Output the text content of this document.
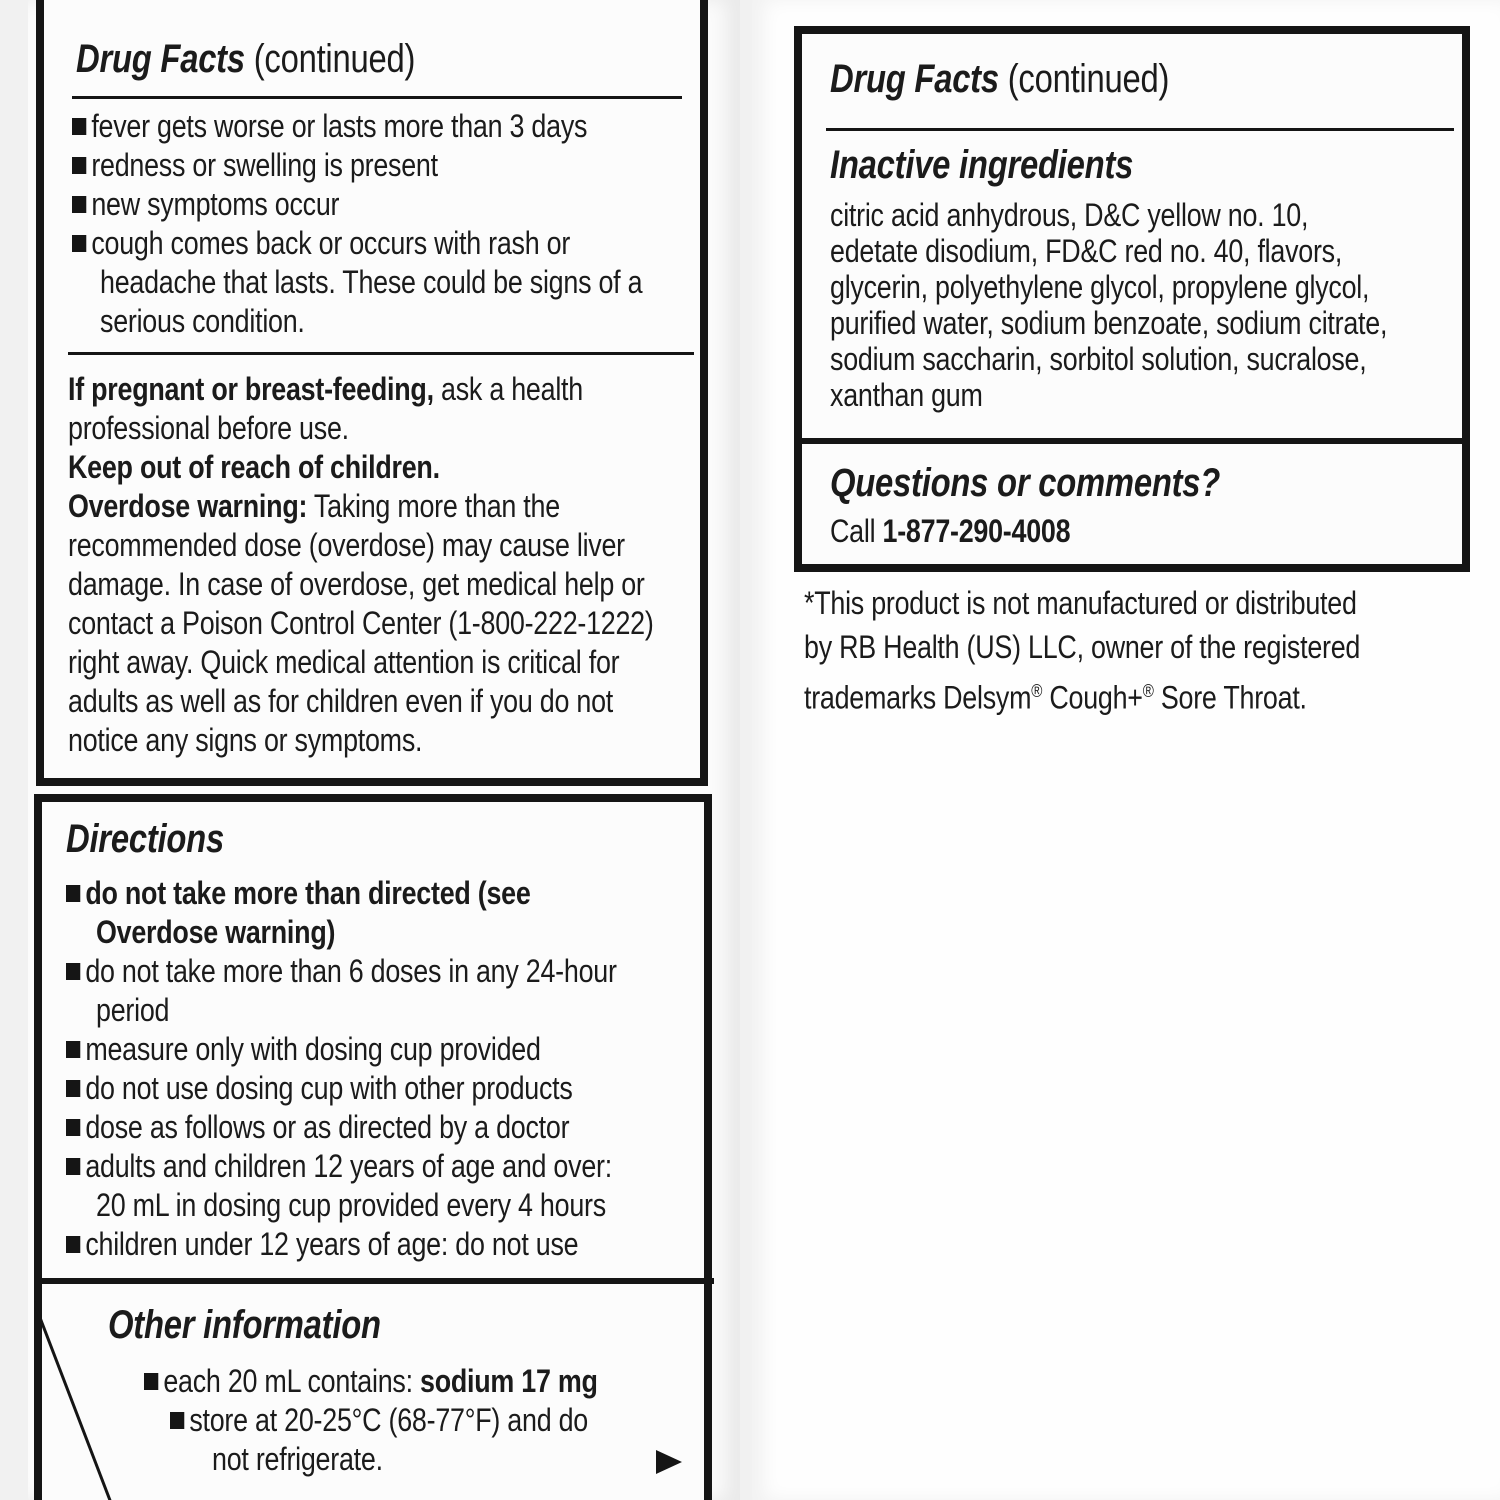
Drug Facts (continued)
fever gets worse or lasts more than 3 days
redness or swelling is present
new symptoms occur
cough comes back or occurs with rash or
headache that lasts. These could be signs of a
serious condition.
If pregnant or breast-feeding, ask a health
professional before use.
Keep out of reach of children.
Overdose warning: Taking more than the
recommended dose (overdose) may cause liver
damage. In case of overdose, get medical help or
contact a Poison Control Center (1-800-222-1222)
right away. Quick medical attention is critical for
adults as well as for children even if you do not
notice any signs or symptoms.
Directions
do not take more than directed (see
Overdose warning)
do not take more than 6 doses in any 24-hour
period
measure only with dosing cup provided
do not use dosing cup with other products
dose as follows or as directed by a doctor
adults and children 12 years of age and over:
20 mL in dosing cup provided every 4 hours
children under 12 years of age: do not use
Other information
each 20 mL contains: sodium 17 mg
store at 20-25°C (68-77°F) and do
not refrigerate.
Drug Facts (continued)
Inactive ingredients
citric acid anhydrous, D&C yellow no. 10,
edetate disodium, FD&C red no. 40, flavors,
glycerin, polyethylene glycol, propylene glycol,
purified water, sodium benzoate, sodium citrate,
sodium saccharin, sorbitol solution, sucralose,
xanthan gum
Questions or comments?
Call 1-877-290-4008
*This product is not manufactured or distributed
by RB Health (US) LLC, owner of the registered
trademarks Delsym® Cough+® Sore Throat.
